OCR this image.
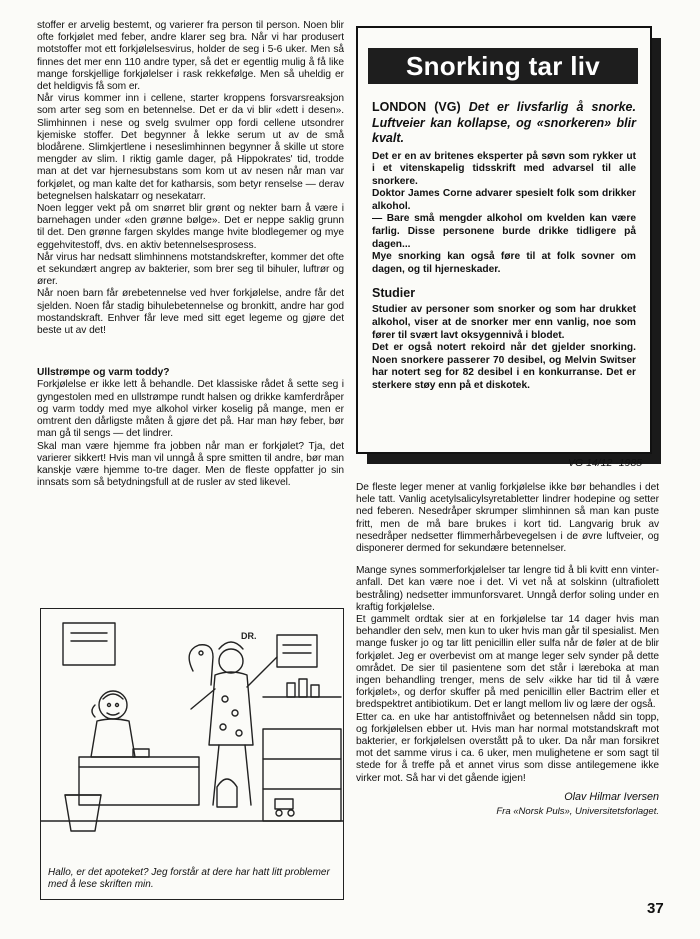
stoffer er arvelig bestemt, og varierer fra person til person. Noen blir ofte forkjølet med feber, andre klarer seg bra. Når vi har produsert motstoffer mot ett forkjølelsesvirus, holder de seg i 5-6 uker. Men så finnes det mer enn 110 andre typer, så det er egentlig mulig å få like mange forskjellige forkjølelser i rask rekkefølge. Men så uheldig er det heldigvis få som er.

Når virus kommer inn i cellene, starter kroppens forsvarsreaksjon som arter seg som en betennelse. Det er da vi blir «dett i desen». Slimhinnen i nese og svelg svulmer opp fordi cellene utsondrer kjemiske stoffer. Det begynner å lekke serum ut av de små blodårene. Slimkjertlene i neseslimhinnen begynner å skille ut store mengder av slim. I riktig gamle dager, på Hippokrates' tid, trodde man at det var hjernesubstans som kom ut av nesen når man var forkjølet, og man kalte det for katharsis, som betyr renselse — derav betegnelsen halskatarr og nesekatarr.

Noen legger vekt på om snørret blir grønt og nekter barn å være i barnehagen under «den grønne bølge». Det er neppe saklig grunn til det. Den grønne fargen skyldes mange hvite blodlegemer og mye eggehvitestoff, dvs. en aktiv betennelsesprosess.

Når virus har nedsatt slimhinnens motstandskrefter, kommer det ofte et sekundært angrep av bakterier, som brer seg til bihuler, luftrør og ører.

Når noen barn får ørebetennelse ved hver forkjølelse, andre får det sjelden. Noen får stadig bihulebetennelse og bronkitt, andre har god mostandskraft. Enhver får leve med sitt eget legeme og gjøre det beste ut av det!

Ullstrømpe og varm toddy?

Forkjølelse er ikke lett å behandle. Det klassiske rådet å sette seg i gyngestolen med en ullstrømpe rundt halsen og drikke kamferdråper og varm toddy med mye alkohol virker koselig på mange, men er omtrent den dårligste måten å gjøre det på. Har man høy feber, bør man gå til sengs — det lindrer.

Skal man være hjemme fra jobben når man er forkjølet? Tja, det varierer sikkert! Hvis man vil unngå å spre smitten til andre, bør man kanskje være hjemme to-tre dager. Men de fleste oppfatter jo sin innsats som så betydningsfull at de rusler av sted likevel.

Snorking tar liv

LONDON (VG) Det er livsfarlig å snorke. Luftveier kan kollapse, og «snorkeren» blir kvalt.

Det er en av britenes eksperter på søvn som rykker ut i et vitenskapelig tidsskrift med advarsel til alle snorkere.

Doktor James Corne advarer spesielt folk som drikker alkohol.

— Bare små mengder alkohol om kvelden kan være farlig. Disse personene burde drikke tidligere på dagen...

Mye snorking kan også føre til at folk sovner om dagen, og til hjerneskader.

Studier

Studier av personer som snorker og som har drukket alkohol, viser at de snorker mer enn vanlig, noe som fører til svært lavt oksygennivå i blodet.

Det er også notert rekoird når det gjelder snorking. Noen snorkere passerer 70 desibel, og Melvin Switser har notert seg for 82 desibel i en konkurranse. Det er sterkere støy enn på et diskotek.

VG 14/12 -1985

De fleste leger mener at vanlig forkjølelse ikke bør behandles i det hele tatt. Vanlig acetylsalicylsyretabletter lindrer hodepine og setter ned feberen. Nesedråper skrumper slimhinnen så man kan puste fritt, men de må bare brukes i kort tid. Langvarig bruk av nesedråper nedsetter flimmerhårbevegelsen i de øvre luftveier, og disponerer dermed for sekundære betennelser.

Mange synes sommerforkjølelser tar lengre tid å bli kvitt enn vinter-anfall. Det kan være noe i det. Vi vet nå at solskinn (ultrafiolett bestråling) nedsetter immunforsvaret. Unngå derfor soling under en kraftig forkjølelse.

Et gammelt ordtak sier at en forkjølelse tar 14 dager hvis man behandler den selv, men kun to uker hvis man går til spesialist. Men mange fusker jo og tar litt penicillin eller sulfa når de føler at de blir forkjølet. Jeg er overbevist om at mange leger selv synder på dette området. De sier til pasientene som det står i læreboka at man ingen behandling trenger, mens de selv «ikke har tid til å være forkjølet», og derfor skuffer på med penicillin eller Bactrim eller et bredspektret antibiotikum. Det er langt mellom liv og lære der også.

Etter ca. en uke har antistoffnivået og betennelsen nådd sin topp, og forkjølelsen ebber ut. Hvis man har normal motstandskraft mot bakterier, er forkjølelsen overstått på to uker. Da når man forsikret mot det samme virus i ca. 6 uker, men mulighetene er som sagt til stede for å treffe på et annet virus som disse antilegemene ikke virker mot. Så har vi det gående igjen!

Olav Hilmar Iversen

Fra «Norsk Puls», Universitetsforlaget.

DR.
Hallo, er det apoteket? Jeg forstår at dere har hatt litt problemer med å lese skriften min.
37
